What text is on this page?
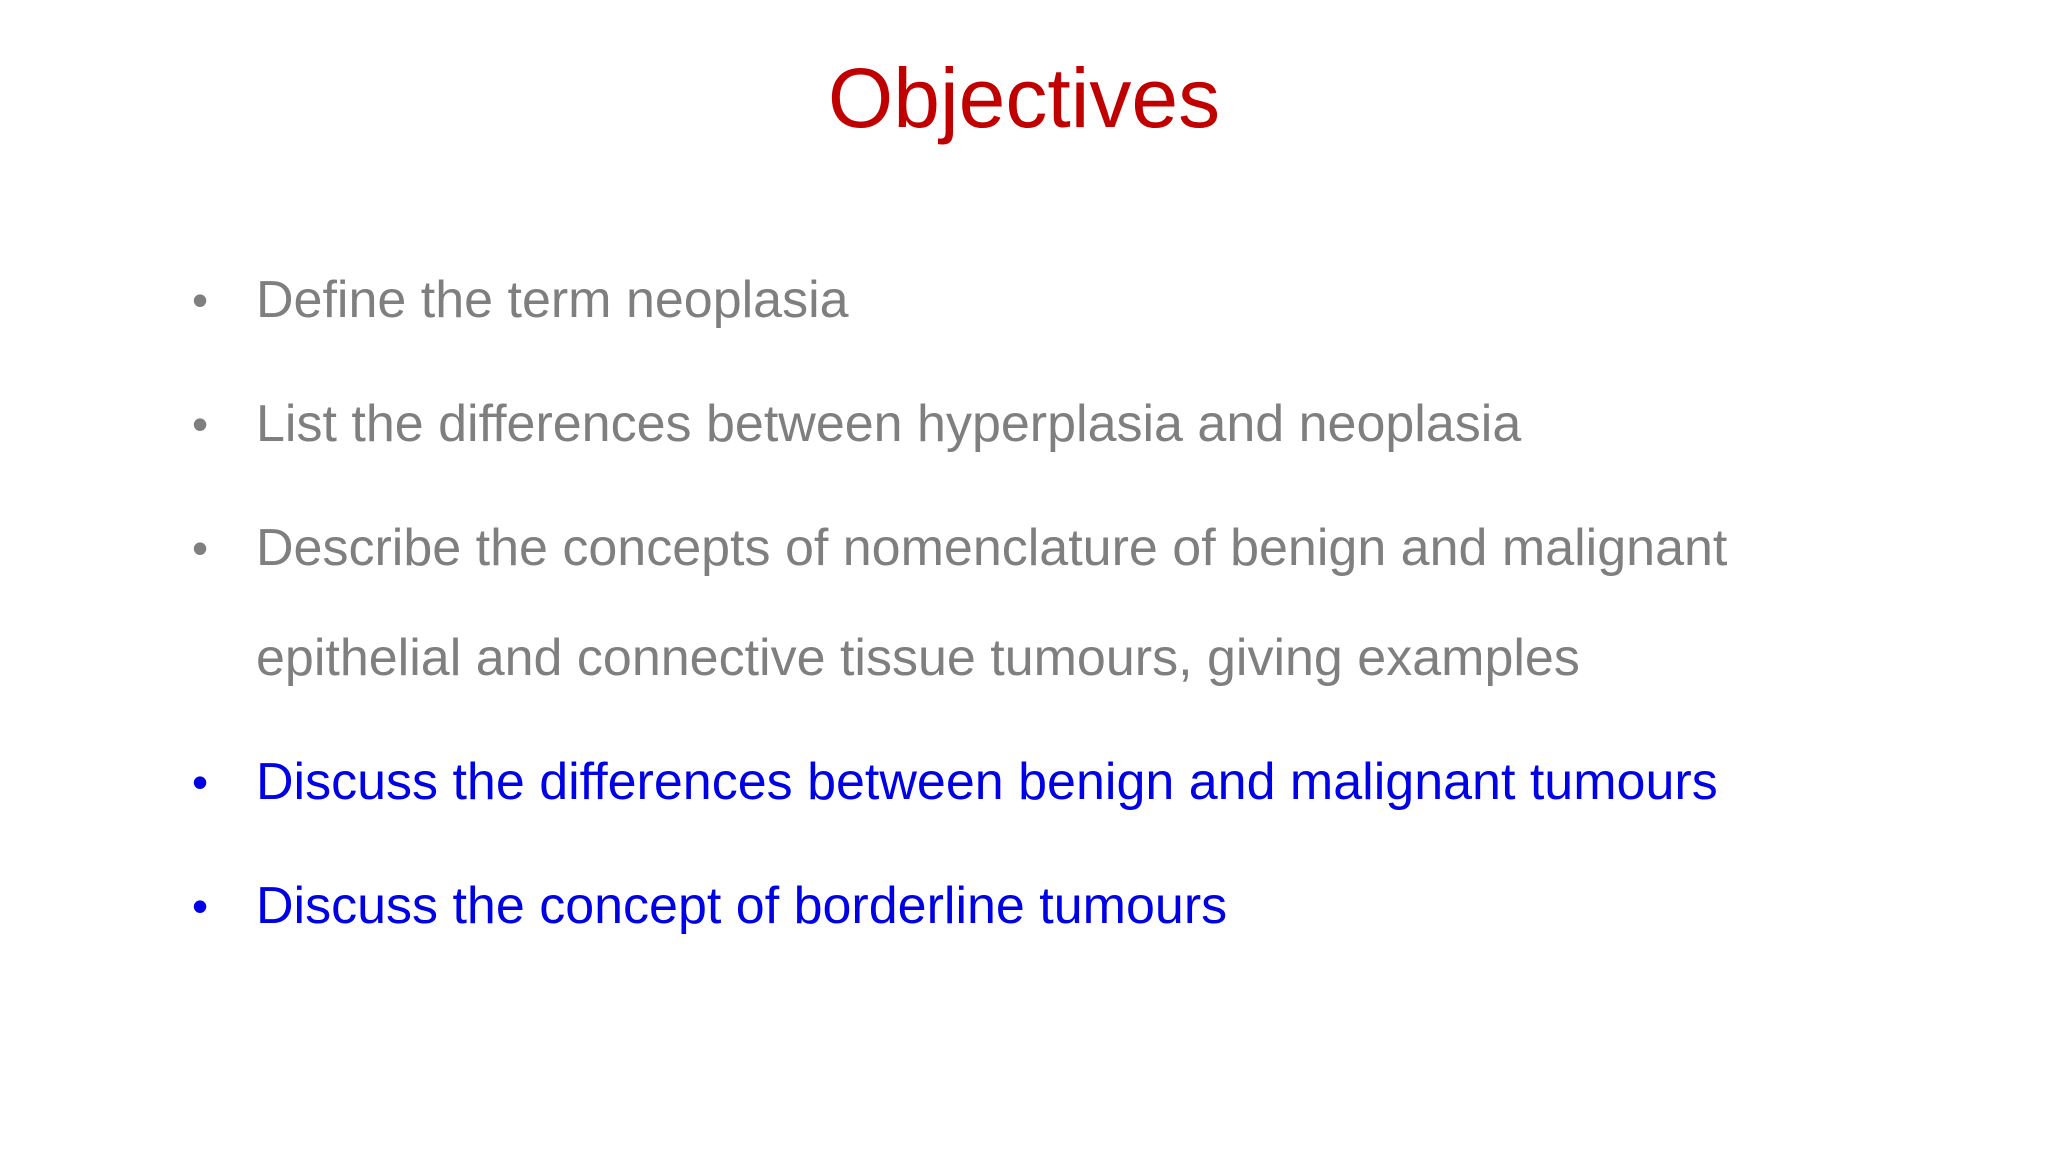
Objectives
• Define the term neoplasia
• List the differences between hyperplasia and neoplasia
• Describe the concepts of nomenclature of benign and malignant epithelial and connective tissue tumours, giving examples
• Discuss the differences between benign and malignant tumours
• Discuss the concept of borderline tumours
